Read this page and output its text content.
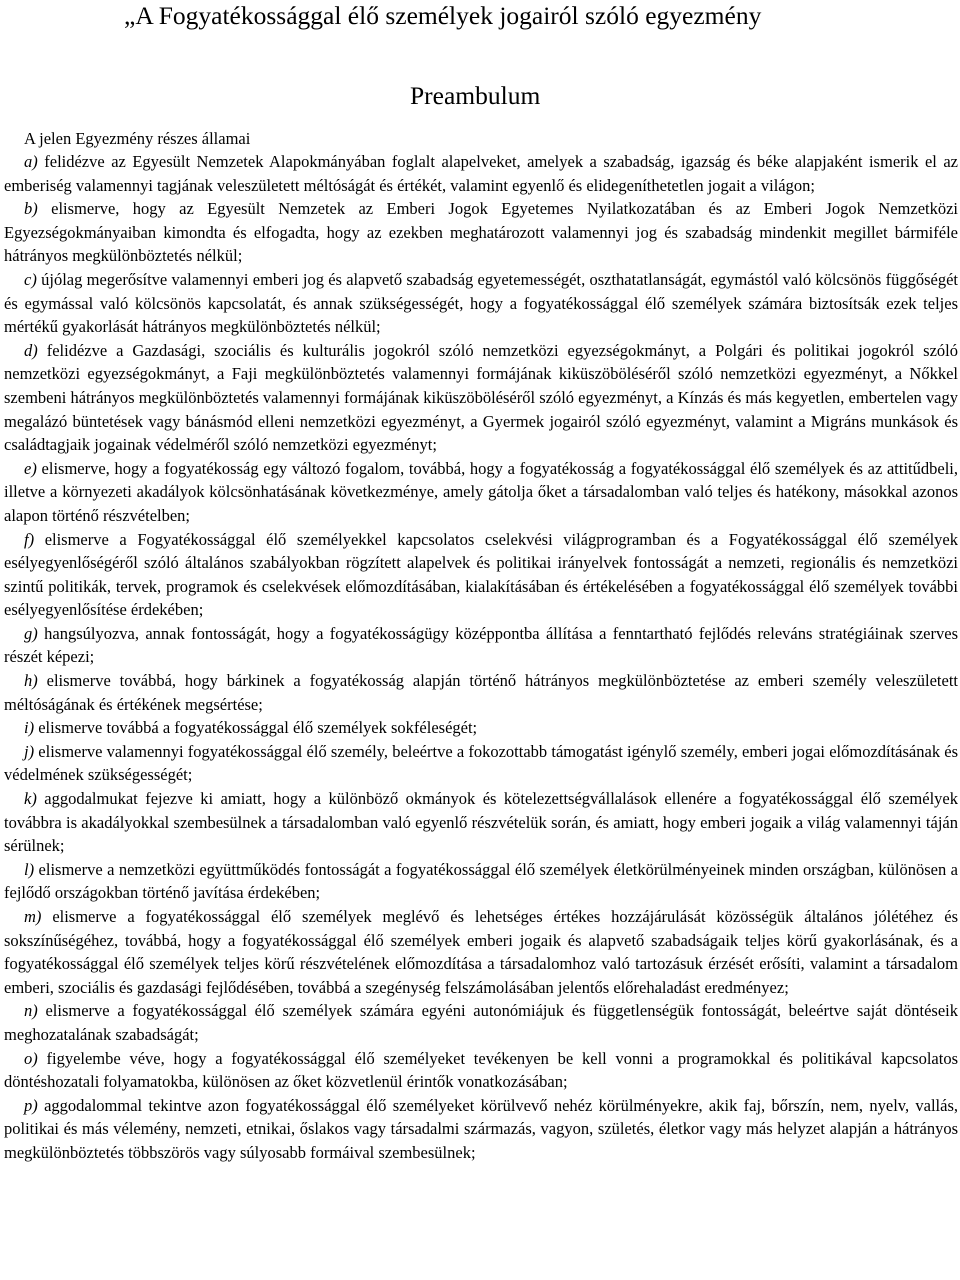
„A Fogyatékossággal élő személyek jogairól szóló egyezmény
Preambulum

A jelen Egyezmény részes államai

a) felidézve az Egyesült Nemzetek Alapokmányában foglalt alapelveket, amelyek a szabadság, igazság és béke alapjaként ismerik el az emberiség valamennyi tagjának veleszületett méltóságát és értékét, valamint egyenlő és elidegeníthetetlen jogait a világon;

b) elismerve, hogy az Egyesült Nemzetek az Emberi Jogok Egyetemes Nyilatkozatában és az Emberi Jogok Nemzetközi Egyezségokmányaiban kimondta és elfogadta, hogy az ezekben meghatározott valamennyi jog és szabadság mindenkit megillet bármiféle hátrányos megkülönböztetés nélkül;

c) újólag megerősítve valamennyi emberi jog és alapvető szabadság egyetemességét, oszthatatlanságát, egymástól való kölcsönös függőségét és egymással való kölcsönös kapcsolatát, és annak szükségességét, hogy a fogyatékossággal élő személyek számára biztosítsák ezek teljes mértékű gyakorlását hátrányos megkülönböztetés nélkül;

d) felidézve a Gazdasági, szociális és kulturális jogokról szóló nemzetközi egyezségokmányt, a Polgári és politikai jogokról szóló nemzetközi egyezségokmányt, a Faji megkülönböztetés valamennyi formájának kiküszöböléséről szóló nemzetközi egyezményt, a Nőkkel szembeni hátrányos megkülönböztetés valamennyi formájának kiküszöböléséről szóló egyezményt, a Kínzás és más kegyetlen, embertelen vagy megalázó büntetések vagy bánásmód elleni nemzetközi egyezményt, a Gyermek jogairól szóló egyezményt, valamint a Migráns munkások és családtagjaik jogainak védelméről szóló nemzetközi egyezményt;

e) elismerve, hogy a fogyatékosság egy változó fogalom, továbbá, hogy a fogyatékosság a fogyatékossággal élő személyek és az attitűdbeli, illetve a környezeti akadályok kölcsönhatásának következménye, amely gátolja őket a társadalomban való teljes és hatékony, másokkal azonos alapon történő részvételben;

f) elismerve a Fogyatékossággal élő személyekkel kapcsolatos cselekvési világprogramban és a Fogyatékossággal élő személyek esélyegyenlőségéről szóló általános szabályokban rögzített alapelvek és politikai irányelvek fontosságát a nemzeti, regionális és nemzetközi szintű politikák, tervek, programok és cselekvések előmozdításában, kialakításában és értékelésében a fogyatékossággal élő személyek további esélyegyenlősítése érdekében;

g) hangsúlyozva, annak fontosságát, hogy a fogyatékosságügy középpontba állítása a fenntartható fejlődés releváns stratégiáinak szerves részét képezi;

h) elismerve továbbá, hogy bárkinek a fogyatékosság alapján történő hátrányos megkülönböztetése az emberi személy veleszületett méltóságának és értékének megsértése;

i) elismerve továbbá a fogyatékossággal élő személyek sokféleségét;

j) elismerve valamennyi fogyatékossággal élő személy, beleértve a fokozottabb támogatást igénylő személy, emberi jogai előmozdításának és védelmének szükségességét;

k) aggodalmukat fejezve ki amiatt, hogy a különböző okmányok és kötelezettségvállalások ellenére a fogyatékossággal élő személyek továbbra is akadályokkal szembesülnek a társadalomban való egyenlő részvételük során, és amiatt, hogy emberi jogaik a világ valamennyi táján sérülnek;

l) elismerve a nemzetközi együttműködés fontosságát a fogyatékossággal élő személyek életkörülményeinek minden országban, különösen a fejlődő országokban történő javítása érdekében;

m) elismerve a fogyatékossággal élő személyek meglévő és lehetséges értékes hozzájárulását közösségük általános jólétéhez és sokszínűségéhez, továbbá, hogy a fogyatékossággal élő személyek emberi jogaik és alapvető szabadságaik teljes körű gyakorlásának, és a fogyatékossággal élő személyek teljes körű részvételének előmozdítása a társadalomhoz való tartozásuk érzését erősíti, valamint a társadalom emberi, szociális és gazdasági fejlődésében, továbbá a szegénység felszámolásában jelentős előrehaladást eredményez;

n) elismerve a fogyatékossággal élő személyek számára egyéni autonómiájuk és függetlenségük fontosságát, beleértve saját döntéseik meghozatalának szabadságát;

o) figyelembe véve, hogy a fogyatékossággal élő személyeket tevékenyen be kell vonni a programokkal és politikával kapcsolatos döntéshozatali folyamatokba, különösen az őket közvetlenül érintők vonatkozásában;

p) aggodalommal tekintve azon fogyatékossággal élő személyeket körülvevő nehéz körülményekre, akik faj, bőrszín, nem, nyelv, vallás, politikai és más vélemény, nemzeti, etnikai, őslakos vagy társadalmi származás, vagyon, születés, életkor vagy más helyzet alapján a hátrányos megkülönböztetés többszörös vagy súlyosabb formáival szembesülnek;
